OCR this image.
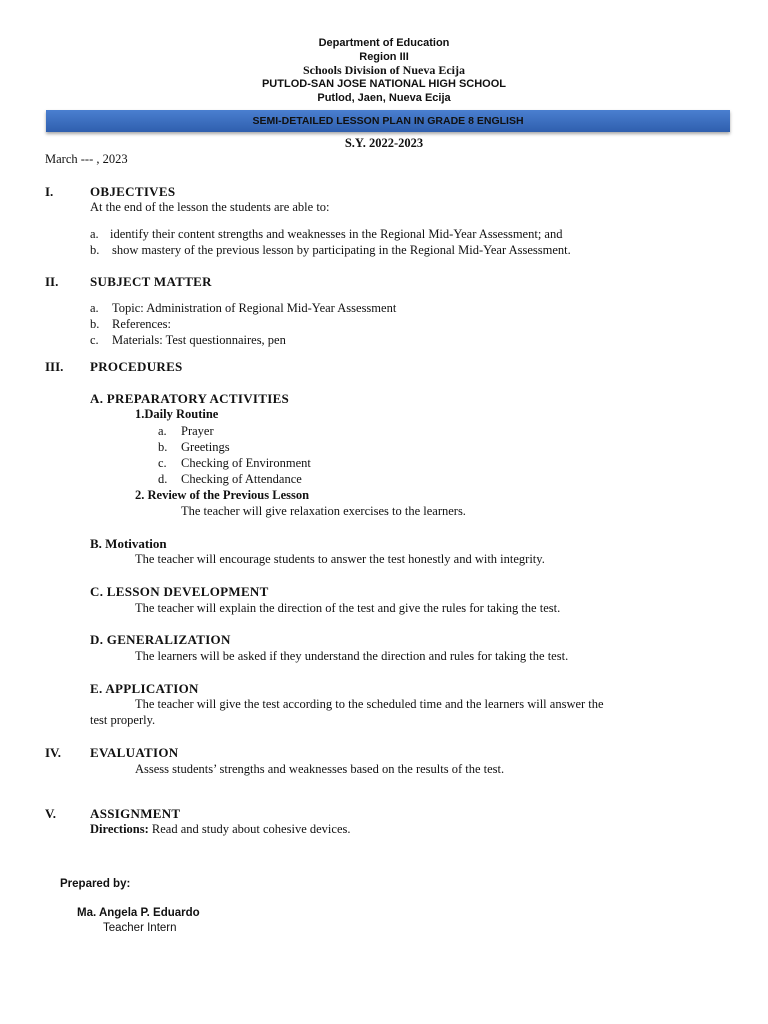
Department of Education
Region III
Schools Division of Nueva Ecija
PUTLOD-SAN JOSE NATIONAL HIGH SCHOOL
Putlod, Jaen, Nueva Ecija
SEMI-DETAILED LESSON PLAN IN GRADE 8 ENGLISH
S.Y. 2022-2023
March --- , 2023
I.	OBJECTIVES
At the end of the lesson the students are able to:
a. identify their content strengths and weaknesses in the Regional Mid-Year Assessment; and
b. show mastery of the previous lesson by participating in the Regional Mid-Year Assessment.
II. SUBJECT MATTER
a. Topic: Administration of Regional Mid-Year Assessment
b. References:
c. Materials: Test questionnaires, pen
III. PROCEDURES
A. PREPARATORY ACTIVITIES
1.Daily Routine
a. Prayer
b. Greetings
c. Checking of Environment
d. Checking of Attendance
2. Review of the Previous Lesson
The teacher will give relaxation exercises to the learners.
B. Motivation
The teacher will encourage students to answer the test honestly and with integrity.
C. LESSON DEVELOPMENT
The teacher will explain the direction of the test and give the rules for taking the test.
D. GENERALIZATION
The learners will be asked if they understand the direction and rules for taking the test.
E. APPLICATION
The teacher will give the test according to the scheduled time and the learners will answer the
test properly.
IV. EVALUATION
Assess students’ strengths and weaknesses based on the results of the test.
V.	ASSIGNMENT
Directions: Read and study about cohesive devices.
Prepared by:
Ma. Angela P. Eduardo
Teacher Intern
